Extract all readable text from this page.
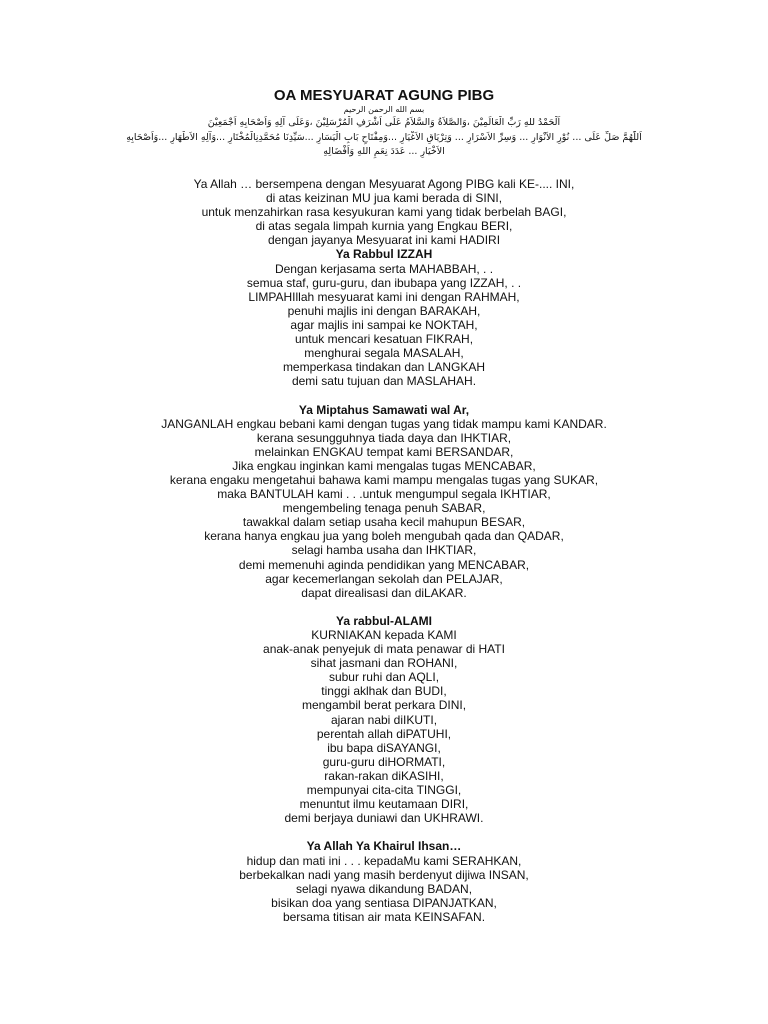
OA MESYUARAT AGUNG PIBG
بسم الله الرحمن الرحيم
اَلْحَمْدُ للهِ رَبِّ الْعَالَمِيْنَ ،وَالصَّلاَةُ وَالسَّلاَمُ عَلَى اَشْرَفِ الْمُرْسَلِيْنَ ،وَعَلَى آلِهِ وَاَصْحَابِهِ اَجْمَعِيْنَ
اَللّٰهُمَّ صَلِّ عَلَى ... نُوْرِ الاَنْوَارِ ... وَسِرِّ الاَسْرَارِ ... وَتِرْيَاقِ الاَغْيَارِ ...وَمِفْتَاحِ بَابِ الْيَسَارِ ...سَيِّدِنَا مُحَمَّدِنِالْمُخْتَارِ ...وَآلِهِ الاَطْهَارِ ...وَاَصْحَابِهِ
الاَخْيَارِ ... عَدَدَ نِعَمِ اللهِ وَاَفْضَالِهِ
Ya Allah … bersempena dengan Mesyuarat Agong PIBG kali KE-.... INI,
di atas keizinan MU jua kami berada di SINI,
untuk menzahirkan rasa kesyukuran kami yang tidak berbelah BAGI,
di atas segala limpah kurnia yang Engkau BERI,
dengan jayanya Mesyuarat ini kami HADIRI
Ya Rabbul IZZAH
Dengan kerjasama serta MAHABBAH, . .
semua staf, guru-guru, dan ibubapa yang IZZAH, . .
LIMPAHIllah mesyuarat kami ini dengan RAHMAH,
penuhi majlis ini dengan BARAKAH,
agar majlis ini sampai ke NOKTAH,
untuk mencari kesatuan FIKRAH,
menghurai segala MASALAH,
memperkasa tindakan dan LANGKAH
demi satu tujuan dan MASLAHAH.
Ya Miptahus Samawati wal Ar,
JANGANLAH engkau bebani kami dengan tugas yang tidak mampu kami KANDAR.
kerana sesungguhnya tiada daya dan IHKTIAR,
melainkan ENGKAU tempat kami BERSANDAR,
Jika engkau inginkan kami mengalas tugas MENCABAR,
kerana engaku mengetahui bahawa kami mampu mengalas tugas yang SUKAR,
maka BANTULAH kami . . .untuk mengumpul segala IKHTIAR,
mengembeling tenaga penuh SABAR,
tawakkal dalam setiap usaha kecil mahupun BESAR,
kerana hanya engkau jua yang boleh mengubah qada dan QADAR,
selagi hamba usaha dan IHKTIAR,
demi memenuhi aginda pendidikan yang MENCABAR,
agar kecemerlangan sekolah dan PELAJAR,
dapat direalisasi dan diLAKAR.
Ya rabbul-ALAMI
KURNIAKAN kepada KAMI
anak-anak penyejuk di mata penawar di HATI
sihat jasmani dan ROHANI,
subur ruhi dan AQLI,
tinggi aklhak dan BUDI,
mengambil berat perkara DINI,
ajaran nabi diIKUTI,
perentah allah diPATUHI,
ibu bapa diSAYANGI,
guru-guru diHORMATI,
rakan-rakan diKASIHI,
mempunyai cita-cita TINGGI,
menuntut ilmu keutamaan DIRI,
demi berjaya duniawi dan UKHRAWI.
Ya Allah Ya Khairul Ihsan…
hidup dan mati ini . . . kepadaMu kami SERAHKAN,
berbekalkan nadi yang masih berdenyut dijiwa INSAN,
selagi nyawa dikandung BADAN,
bisikan doa yang sentiasa DIPANJATKAN,
bersama titisan air mata KEINSAFAN.
